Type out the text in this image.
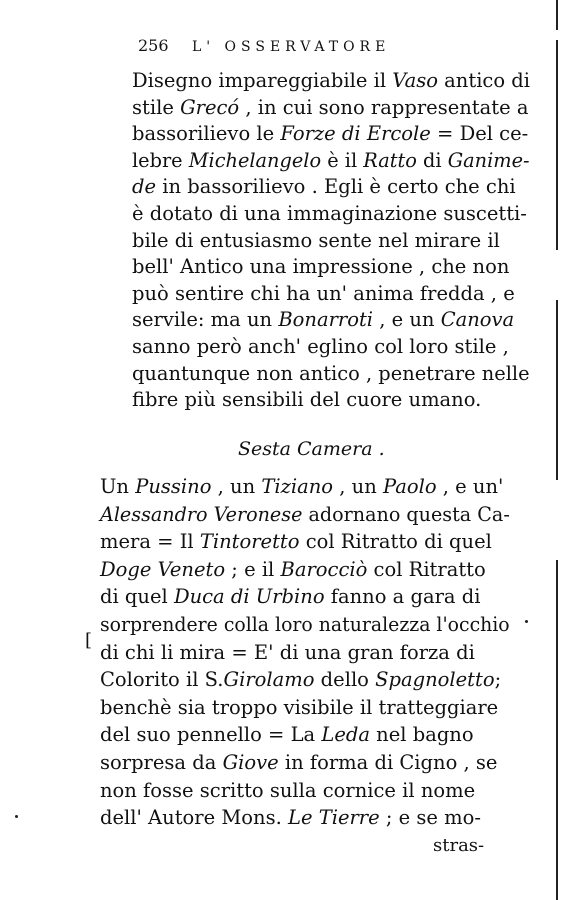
256 L' OSSERVATORE
Disegno impareggiabile il Vaso antico di
stile Grecó , in cui sono rappresentate a
bassorilievo le Forze di Ercole = Del ce-
lebre Michelangelo è il Ratto di Ganime-
de in bassorilievo . Egli è certo che chi
è dotato di una immaginazione suscetti-
bile di entusiasmo sente nel mirare il
bell' Antico una impressione , che non
può sentire chi ha un' anima fredda , e
servile: ma un Bonarroti , e un Canova
sanno però anch' eglino col loro stile ,
quantunque non antico , penetrare nelle
fibre più sensibili del cuore umano.
Sesta Camera .
Un Pussino , un Tiziano , un Paolo , e un'
Alessandro Veronese adornano questa Ca-
mera = Il Tintoretto col Ritratto di quel
Doge Veneto ; e il Barocciò col Ritratto
di quel Duca di Urbino fanno a gara di
sorprendere colla loro naturalezza l'occhio
di chi li mira = E' di una gran forza di
Colorito il S.Girolamo dello Spagnoletto;
benchè sia troppo visibile il tratteggiare
del suo pennello = La Leda nel bagno
sorpresa da Giove in forma di Cigno , se
non fosse scritto sulla cornice il nome
dell' Autore Mons. Le Tierre ; e se mo-
stras-
[
